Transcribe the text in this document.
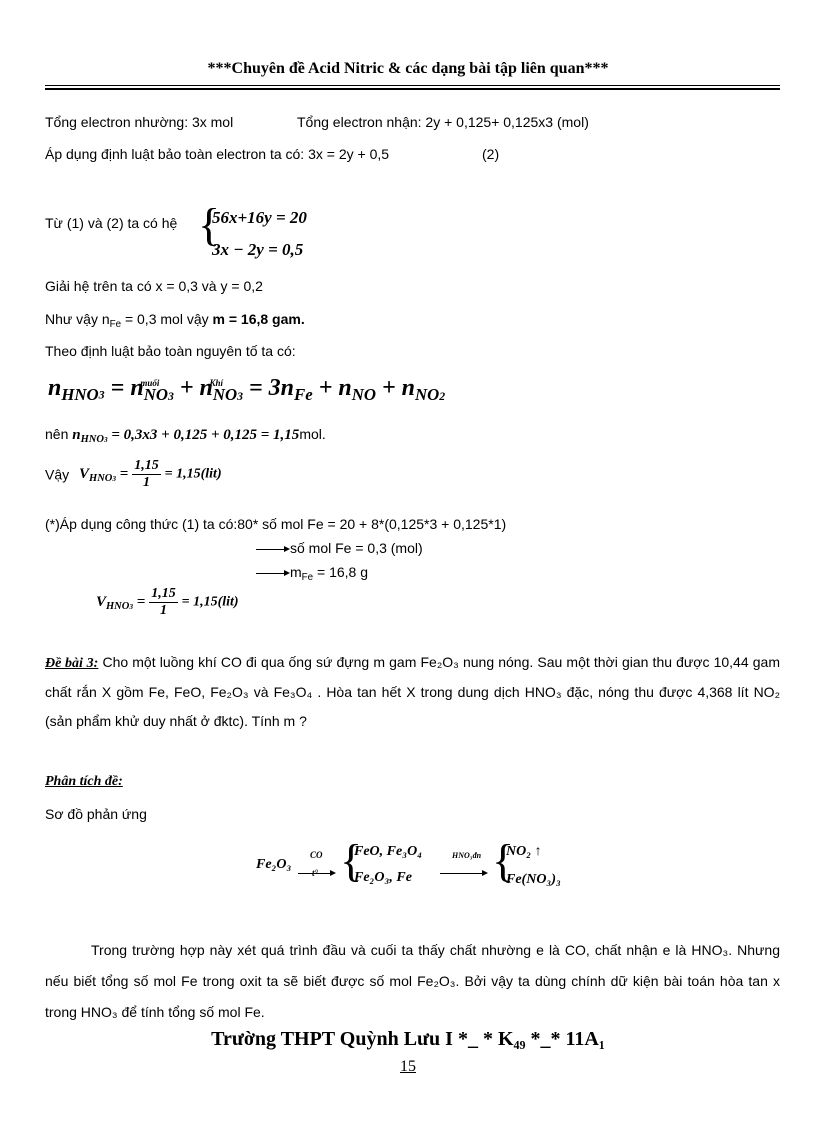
***Chuyên đề Acid Nitric & các dạng bài tập liên quan***
Tổng electron nhường: 3x mol	Tổng electron nhận: 2y + 0,125+ 0,125x3 (mol)
Áp dụng định luật bảo toàn electron ta có: 3x = 2y + 0,5	(2)
Từ (1) và (2) ta có hệ {
56x+16y = 20
3x − 2y = 0,5
Giải hệ trên ta có x = 0,3 và y = 0,2
Như vậy $n_{Fe} = 0,3$ mol vậy m = 16,8 gam.
Theo định luật bảo toàn nguyên tố ta có:
$n_{HNO3} = n$
muối
$_{NO3}$ + n
Khí
$_{NO3} = 3n_{Fe} + n_{NO} + n_{NO2}$
nên $n_{HNO3} = 0,3x3 + 0,125 + 0,125 = 1,15mol$.
Vậy $V_{HNO3} = \frac{1,15}{1} = 1,15(lit)$
(*)Áp dụng công thức (1) ta có:80* số mol Fe = 20 + 8*(0,125*3 + 0,125*1)
số mol Fe = 0,3 (mol)
$m_{Fe} = 16,8$ g
$V_{HNO3} = \frac{1,15}{1} = 1,15(lit)$
Đề bài 3: Cho một luồng khí CO đi qua ống sứ đựng m gam Fe₂O₃ nung nóng. Sau một thời gian thu được 10,44 gam chất rắn X gồm Fe, FeO, Fe₂O₃ và Fe₃O₄ . Hòa tan hết X trong dung dịch HNO₃ đặc, nóng thu được 4,368 lít NO₂ (sản phẩm khử duy nhất ở đktc). Tính m ?
Phân tích đề:
Sơ đồ phản ứng
Fe₂O₃
CO
t° {
FeO, Fe₃O₄
Fe₂O₃, Fe
HNO₃đn {
NO₂ ↑
Fe(NO₃)₃
Trong trường hợp này xét quá trình đầu và cuối ta thấy chất nhường e là CO, chất nhận e là HNO₃. Nhưng nếu biết tổng số mol Fe trong oxit ta sẽ biết được số mol Fe₂O₃. Bởi vậy ta dùng chính dữ kiện bài toán hòa tan x trong HNO₃ để tính tổng số mol Fe.
Trường THPT Quỳnh Lưu I *_ * K₄₉ *_* 11A₁
15
